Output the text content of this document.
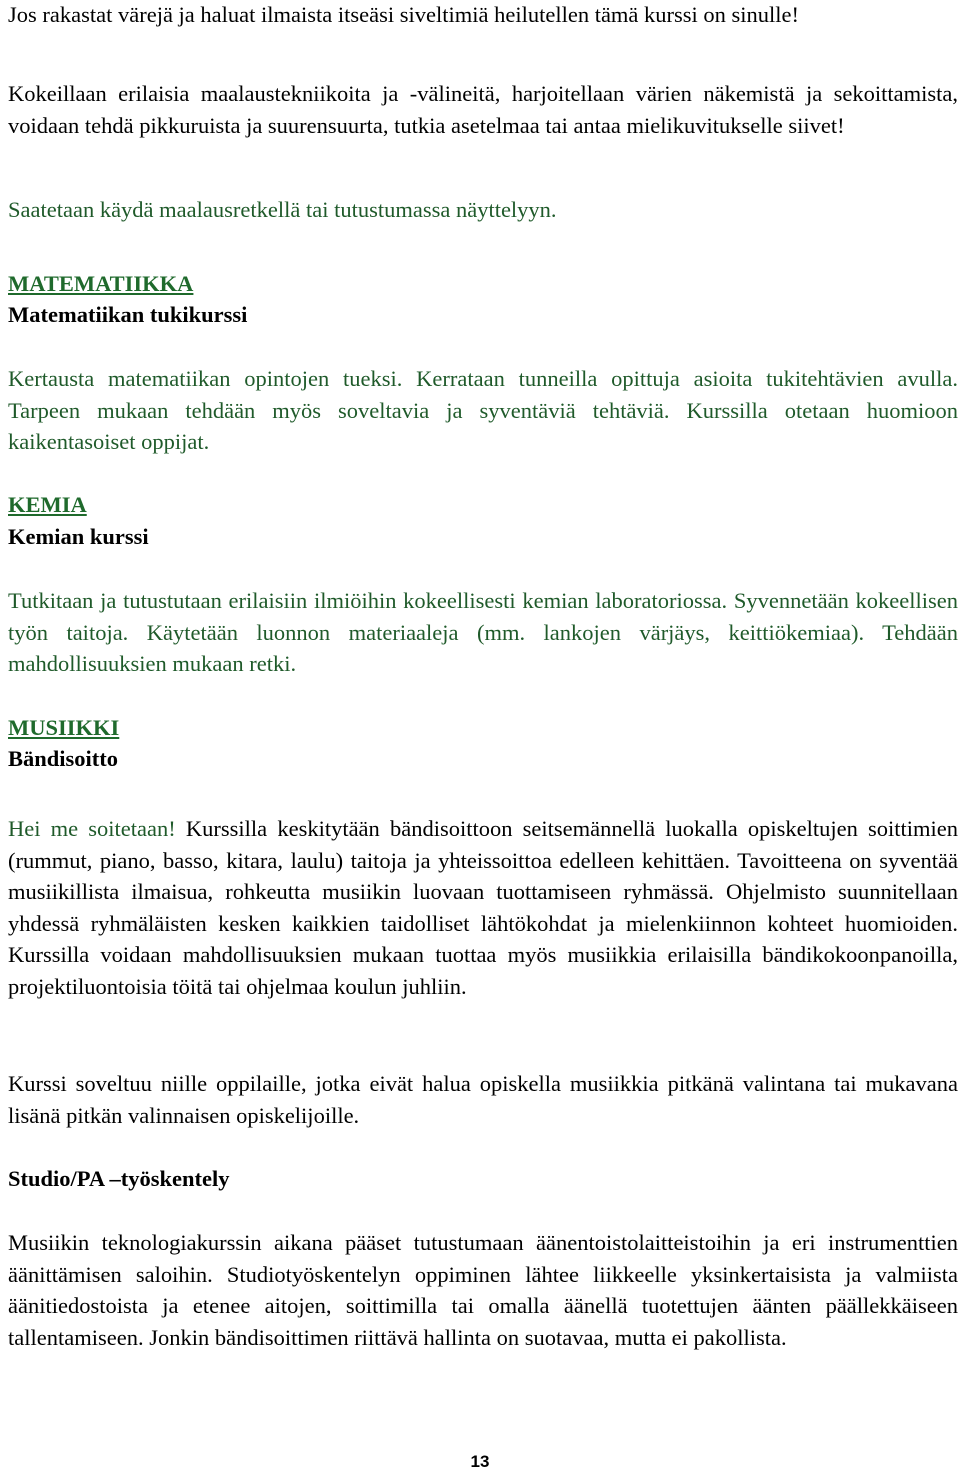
Jos rakastat värejä ja haluat ilmaista itseäsi siveltimiä heilutellen tämä kurssi on sinulle!

Kokeillaan erilaisia maalaustekniikoita ja -välineitä, harjoitellaan värien näkemistä ja sekoittamista, voidaan tehdä pikkuruista ja suurensuurta, tutkia asetelmaa tai antaa mielikuvitukselle siivet!

Saatetaan käydä maalausretkellä tai tutustumassa näyttelyyn.

MATEMATIIKKA
Matematiikan tukikurssi

Kertausta matematiikan opintojen tueksi. Kerrataan tunneilla opittuja asioita tukitehtävien avulla. Tarpeen mukaan tehdään myös soveltavia ja syventäviä tehtäviä. Kurssilla otetaan huomioon kaikentasoiset oppijat.

KEMIA
Kemian kurssi

Tutkitaan ja tutustutaan erilaisiin ilmiöihin kokeellisesti kemian laboratoriossa. Syvennetään kokeellisen työn taitoja. Käytetään luonnon materiaaleja (mm. lankojen värjäys, keittiökemiaa). Tehdään mahdollisuuksien mukaan retki.

MUSIIKKI
Bändisoitto

Hei me soitetaan! Kurssilla keskitytään bändisoittoon seitsemännellä luokalla opiskeltujen soittimien (rummut, piano, basso, kitara, laulu) taitoja ja yhteissoittoa edelleen kehittäen. Tavoitteena on syventää musiikillista ilmaisua, rohkeutta musiikin luovaan tuottamiseen ryhmässä. Ohjelmisto suunnitellaan yhdessä ryhmäläisten kesken kaikkien taidolliset lähtökohdat ja mielenkiinnon kohteet huomioiden. Kurssilla voidaan mahdollisuuksien mukaan tuottaa myös musiikkia erilaisilla bändikokoonpanoilla, projektiluontoisia töitä tai ohjelmaa koulun juhliin.

Kurssi soveltuu niille oppilaille, jotka eivät halua opiskella musiikkia pitkänä valintana tai mukavana lisänä pitkän valinnaisen opiskelijoille.

Studio/PA –työskentely

Musiikin teknologiakurssin aikana pääset tutustumaan äänentoistolaitteistoihin ja eri instrumenttien äänittämisen saloihin. Studiotyöskentelyn oppiminen lähtee liikkeelle yksinkertaisista ja valmiista äänitiedostoista ja etenee aitojen, soittimilla tai omalla äänellä tuotettujen äänten päällekkäiseen tallentamiseen. Jonkin bändisoittimen riittävä hallinta on suotavaa, mutta ei pakollista.

13
